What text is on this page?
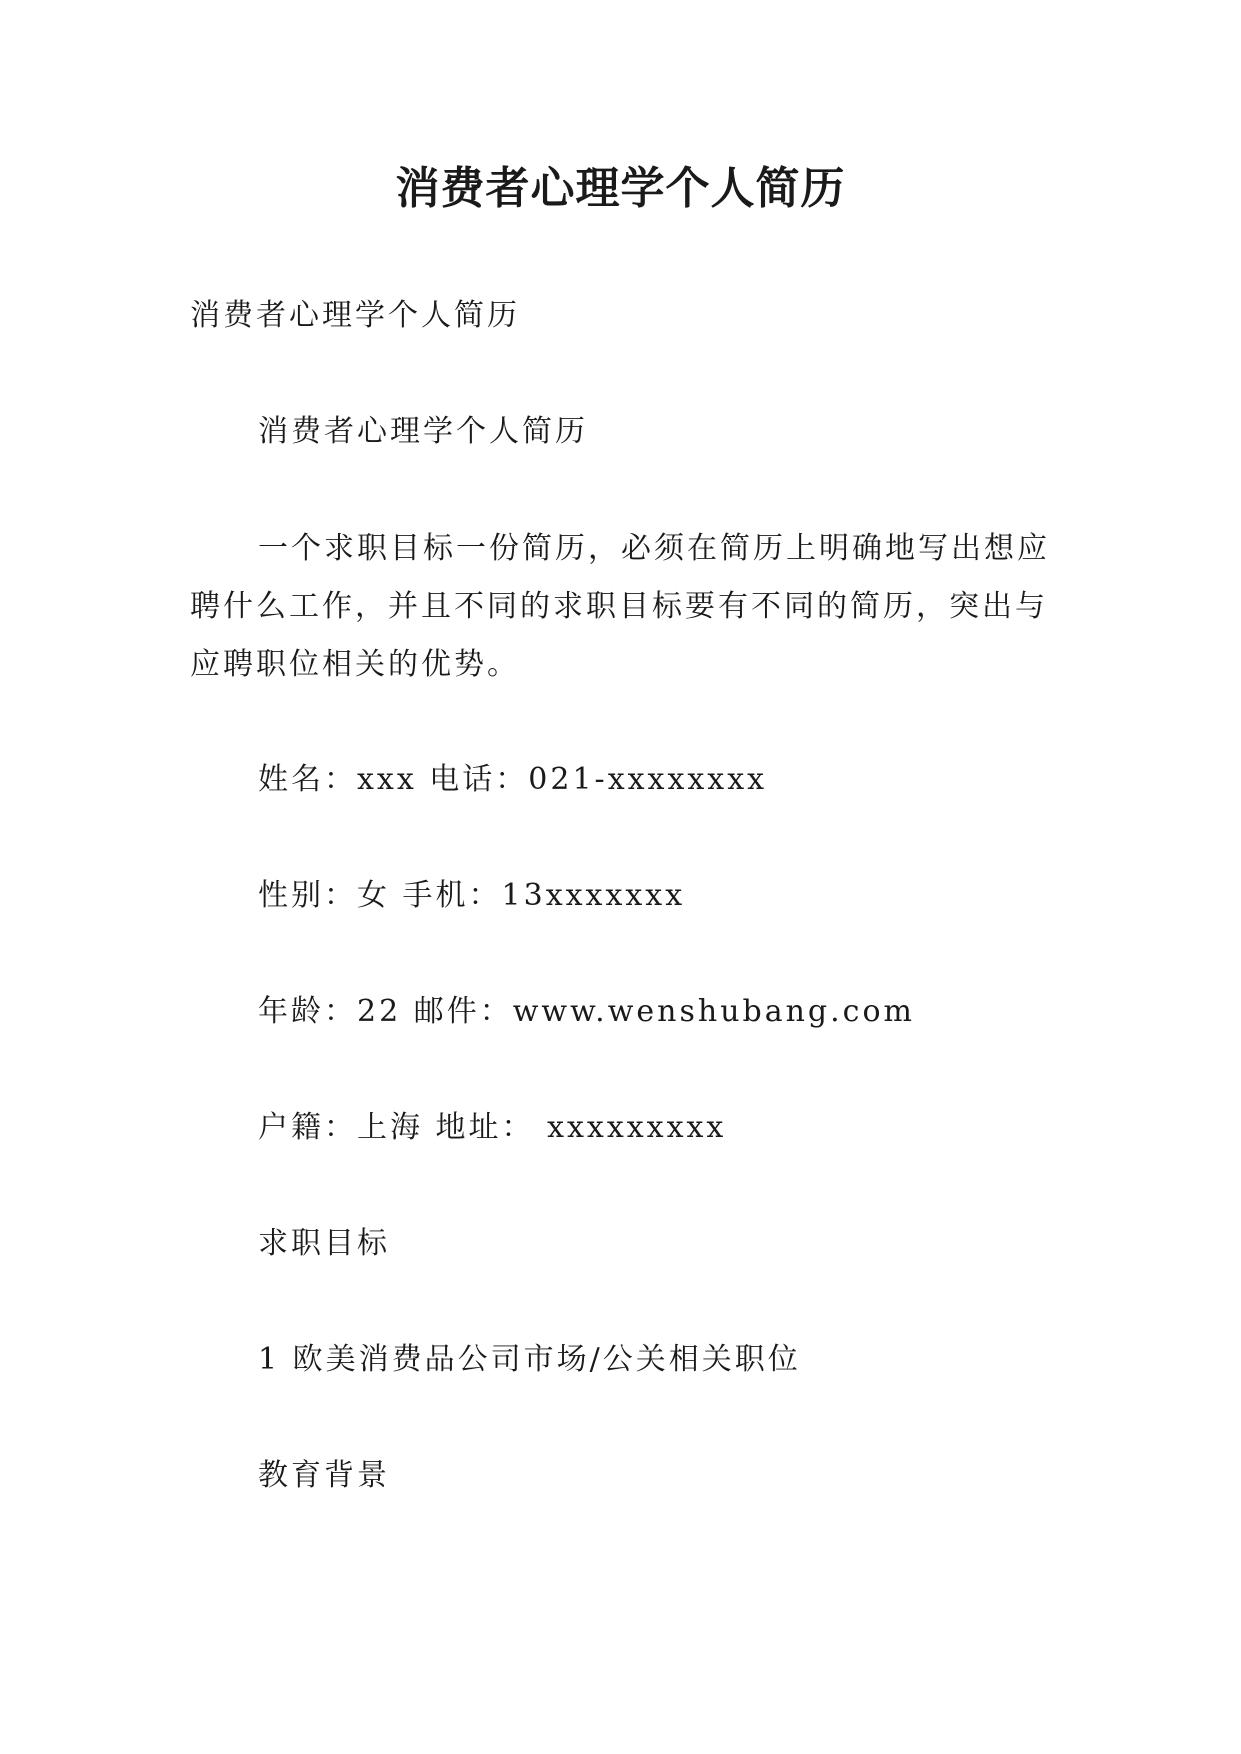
消费者心理学个人简历

消费者心理学个人简历

消费者心理学个人简历

一个求职目标一份简历，必须在简历上明确地写出想应聘什么工作，并且不同的求职目标要有不同的简历，突出与应聘职位相关的优势。

姓名：xxx 电话：021-xxxxxxxx

性别：女 手机：13xxxxxxx

年龄：22 邮件：www.wenshubang.com

户籍：上海 地址： xxxxxxxxx

求职目标

1 欧美消费品公司市场/公关相关职位

教育背景
